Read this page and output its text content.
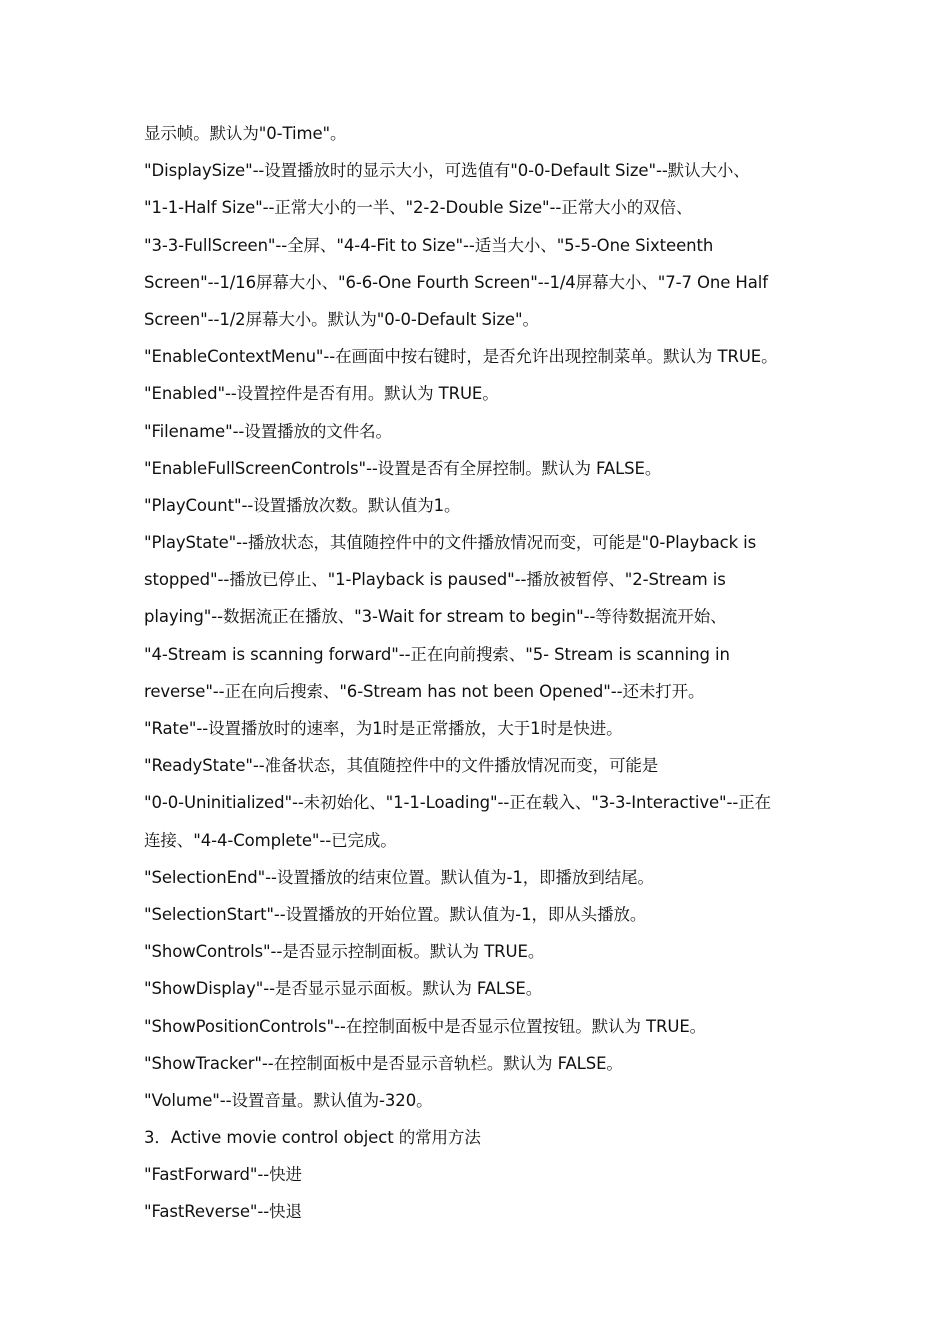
显示帧。默认为"0-Time"。
"DisplaySize"--设置播放时的显示大小，可选值有"0-0-Default Size"--默认大小、
"1-1-Half Size"--正常大小的一半、"2-2-Double Size"--正常大小的双倍、
"3-3-FullScreen"--全屏、"4-4-Fit to Size"--适当大小、"5-5-One Sixteenth
Screen"--1/16屏幕大小、"6-6-One Fourth Screen"--1/4屏幕大小、"7-7 One Half
Screen"--1/2屏幕大小。默认为"0-0-Default Size"。
"EnableContextMenu"--在画面中按右键时，是否允许出现控制菜单。默认为 TRUE。
"Enabled"--设置控件是否有用。默认为 TRUE。
"Filename"--设置播放的文件名。
"EnableFullScreenControls"--设置是否有全屏控制。默认为 FALSE。
"PlayCount"--设置播放次数。默认值为1。
"PlayState"--播放状态，其值随控件中的文件播放情况而变，可能是"0-Playback is
stopped"--播放已停止、"1-Playback is paused"--播放被暂停、"2-Stream is
playing"--数据流正在播放、"3-Wait for stream to begin"--等待数据流开始、
"4-Stream is scanning forward"--正在向前搜索、"5- Stream is scanning in
reverse"--正在向后搜索、"6-Stream has not been Opened"--还未打开。
"Rate"--设置播放时的速率，为1时是正常播放，大于1时是快进。
"ReadyState"--准备状态，其值随控件中的文件播放情况而变，可能是
"0-0-Uninitialized"--未初始化、"1-1-Loading"--正在载入、"3-3-Interactive"--正在
连接、"4-4-Complete"--已完成。
"SelectionEnd"--设置播放的结束位置。默认值为-1，即播放到结尾。
"SelectionStart"--设置播放的开始位置。默认值为-1，即从头播放。
"ShowControls"--是否显示控制面板。默认为 TRUE。
"ShowDisplay"--是否显示显示面板。默认为 FALSE。
"ShowPositionControls"--在控制面板中是否显示位置按钮。默认为 TRUE。
"ShowTracker"--在控制面板中是否显示音轨栏。默认为 FALSE。
"Volume"--设置音量。默认值为-320。
3．Active movie control object 的常用方法
"FastForward"--快进
"FastReverse"--快退
